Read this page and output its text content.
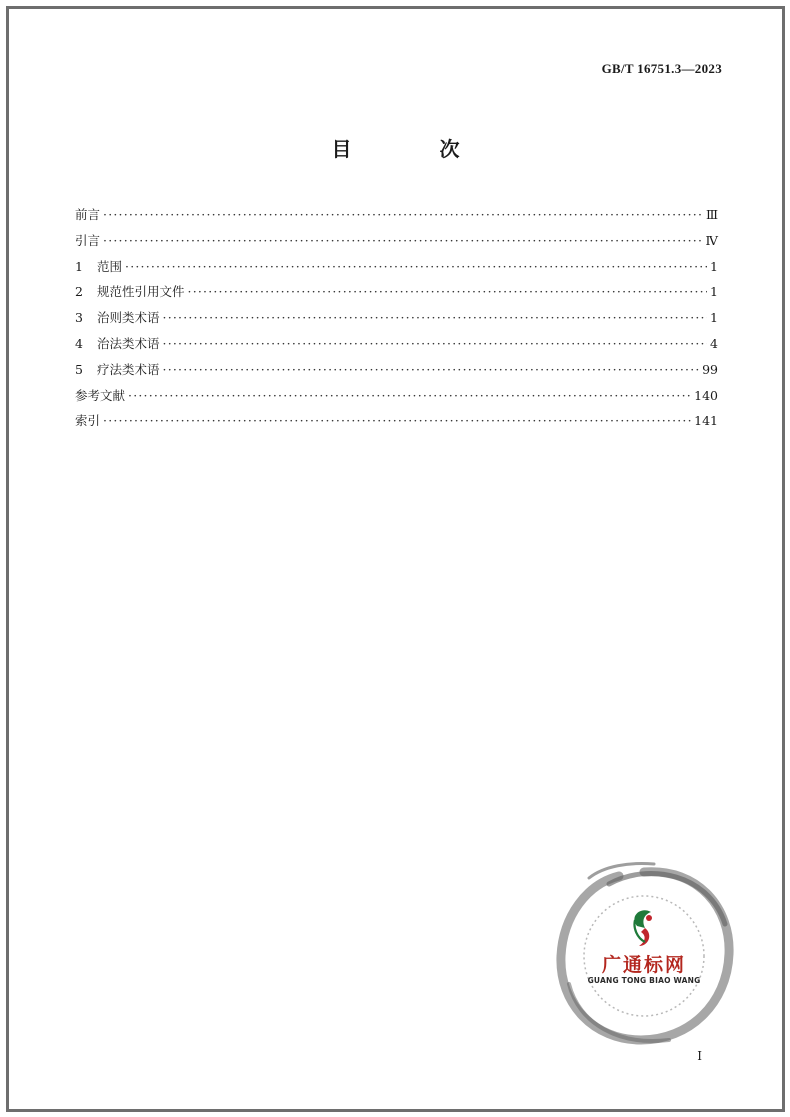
GB/T 16751.3—2023
目　次
前言 ·····	Ⅲ
引言 ·····	Ⅳ
1	范围 ·····	1
2	规范性引用文件 ·····	1
3	治则类术语 ·····	1
4	治法类术语 ·····	4
5	疗法类术语 ·····	99
参考文献 ·····	140
索引 ·····	141
广通标网
GUANG TONG BIAO WANG
I
